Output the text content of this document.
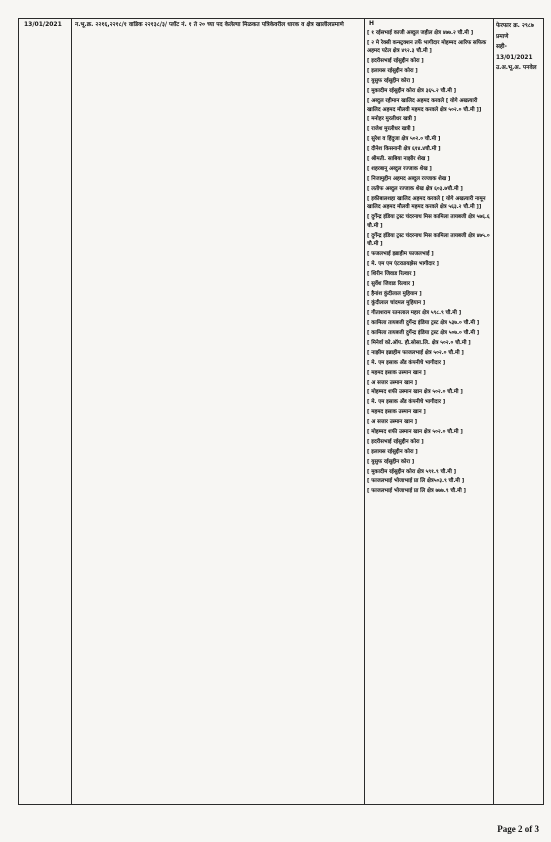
13/01/2021	न.भू.क्र. २२१६,२२१८/१ वाडिक २२१३८/३/ प्लॉट नं. १ ते २० च्या पद केलेल्या मिळकत पत्रिकेवरील धारक व क्षेत्र खालीलप्रमाणे	H
[ १ रईसभाई काजी अब्दुल जहील क्षेत्र ४७७.२ चौ.मी ]
[ २ मे रेक्सी कन्स्ट्रक्शन तर्फे भागीदार मोहम्मद आरिफ सफिक अहमद पटेल क्षेत्र ४९२.३ चौ.मी ]
[ इदरीसभाई रईसुद्दीन कोरा ]
[ इलायस रईसुद्दीन कोरा ]
[ युसुफ रईसुद्दीन कोरा ]
[ मुकादीम रईसुद्दीन कोरा क्षेत्र ३६५.२ चौ.मी ]
[ अब्दुल रहीमान खालिद अहमद करवले [ योगे अखत्यारी खालिद अहमद मौलवी महमद करवले क्षेत्र ५०२.० चौ.मी ]]
[ मनोहर मुरलीधर खत्री ]
[ राजेश मुरलीधर खत्री ]
[ सुरेश व हिंदुजा क्षेत्र ५०२.० चौ.मी ]
[ दीनेश किसनानी क्षेत्र ६१४.४चौ.मी ]
[ श्रीमती. साबिया नाझीर शेख ]
[ शहरबानू अब्दुल रज्जाक शेख ]
[ निजामुद्दीन अहमद अब्दुल रज्जाक शेख ]
[ लतीफ अब्दुल रज्जाक शेख क्षेत्र ६०३.७चौ.मी ]
[ इकीबालशहा खालिद अहमद करवले [ योगे अखत्यारी नामून खालिद अहमद मौलवी महमद करवले क्षेत्र ५६३.२ चौ.मी ]]
[ दुर्गेन्द्र इंडिया ट्रस्ट चंदरनाथ मिस कामिला तायबजी क्षेत्र ५७६.६ चौ.मी ]
[ दुर्गेन्द्र इंडिया ट्रस्ट चंदरनाथ मिस कामिला तायबजी क्षेत्र ४७५.० चौ.मी ]
[ फजलभाई इब्राहीम फाजलभाई ]
[ मे. एम एम एंटरप्रायझेस भागीदार ]
[ शिरीन जिवाड रिल्वार ]
[ सुर्वेश जिवाड रिल्वार ]
[ हैनांश कुंदीलाल मुहियान ]
[ कुंदीलाल चांदमल मुहियान ]
[ गीताशराम रतनलाल महार क्षेत्र ५९८.९ चौ.मी ]
[ कामिला तायबजी दुर्गेन्द्र इंडिया ट्रस्ट क्षेत्र ५३७.० चौ.मी ]
[ कामिला तायबजी दुर्गेन्द्र इंडिया ट्रस्ट क्षेत्र ५०७.० चौ.मी ]
[ मिनेर्वा को.ऑप. हौ.सोसा.लि. क्षेत्र ५०२.० चौ.मी ]
[ नाझीम इब्राहीम फाजलभाई क्षेत्र ५०२.० चौ.मी ]
[ मे. एम इसाक अँड कंपनीचे भागीदार ]
[ महमद इसाक उस्मान खान ]
[ अ सत्तार उस्मान खान ]
[ मोहम्मद शफी उस्मान खान क्षेत्र ५०२.० चौ.मी ]
[ मे. एम इसाक अँड कंपनीचे भागीदार ]
[ महमद इसाक उस्मान खान ]
[ अ सत्तार उस्मान खान ]
[ मोहम्मद शफी उस्मान खान क्षेत्र ५०२.० चौ.मी ]
[ इदरीसभाई रईसुद्दीन कोरा ]
[ इलायस रईसुद्दीन कोरा ]
[ युसुफ रईसुद्दीन कोरा ]
[ मुकादीम रईसुद्दीन कोरा क्षेत्र ५९१.९ चौ.मी ]
[ फाजलभाई भोजाभाई प्रा लि क्षेत्र५०३.९ चौ.मी ]
[ फाजलभाई भोजाभाई प्रा लि क्षेत्र ७७७.९ चौ.मी ]
फेरफार क्र. २९८७
प्रमाणे
सही-
13/01/2021
उ.अ.भू.अ. पनवेल
Page 2 of 3
